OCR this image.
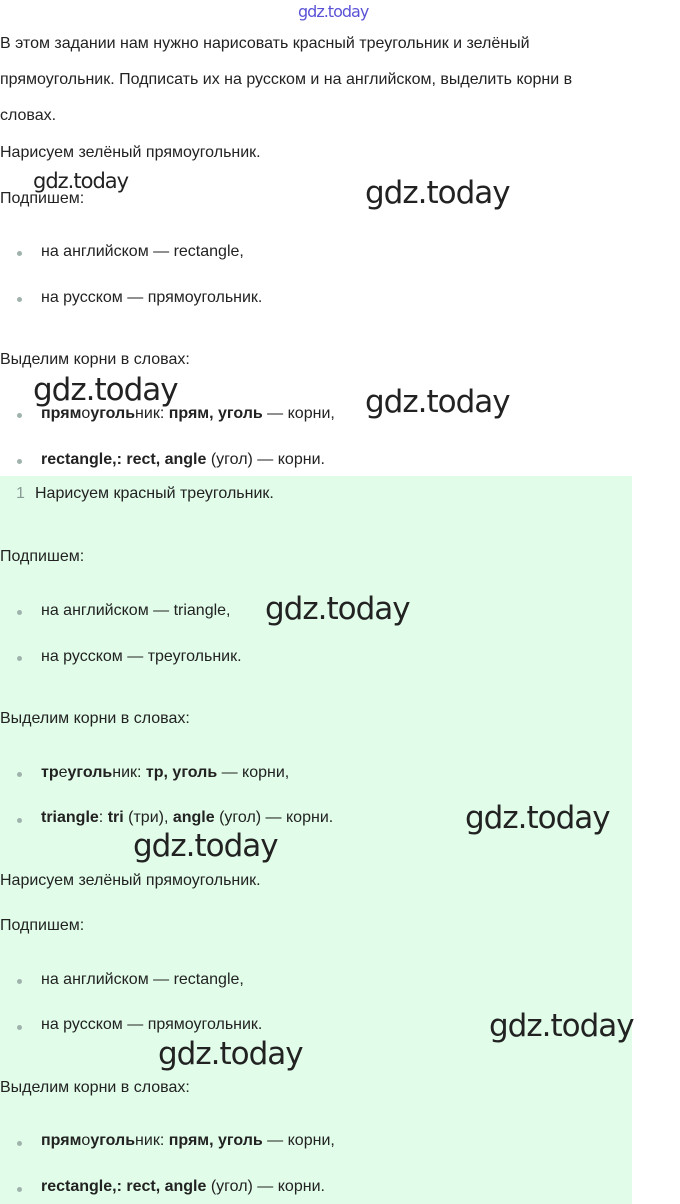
gdz.today
В этом задании нам нужно нарисовать красный треугольник и зелёный
прямоугольник. Подписать их на русском и на английском, выделить корни в
словах.
Нарисуем зелёный прямоугольник.
Подпишем:
на английском — rectangle,
на русском — прямоугольник.
Выделим корни в словах:
прямоугольник: прям, уголь — корни,
rectangle,: rect, angle (угол) — корни.
1 Нарисуем красный треугольник.
Подпишем:
на английском — triangle,
на русском — треугольник.
Выделим корни в словах:
треугольник: тр, уголь — корни,
triangle: tri (три), angle (угол) — корни.
Нарисуем зелёный прямоугольник.
Подпишем:
на английском — rectangle,
на русском — прямоугольник.
Выделим корни в словах:
прямоугольник: прям, уголь — корни,
rectangle,: rect, angle (угол) — корни.
gdz.today	gdz.today
gdz.today	gdz.today
gdz.today
gdz.today
gdz.today
gdz.today
gdz.today
